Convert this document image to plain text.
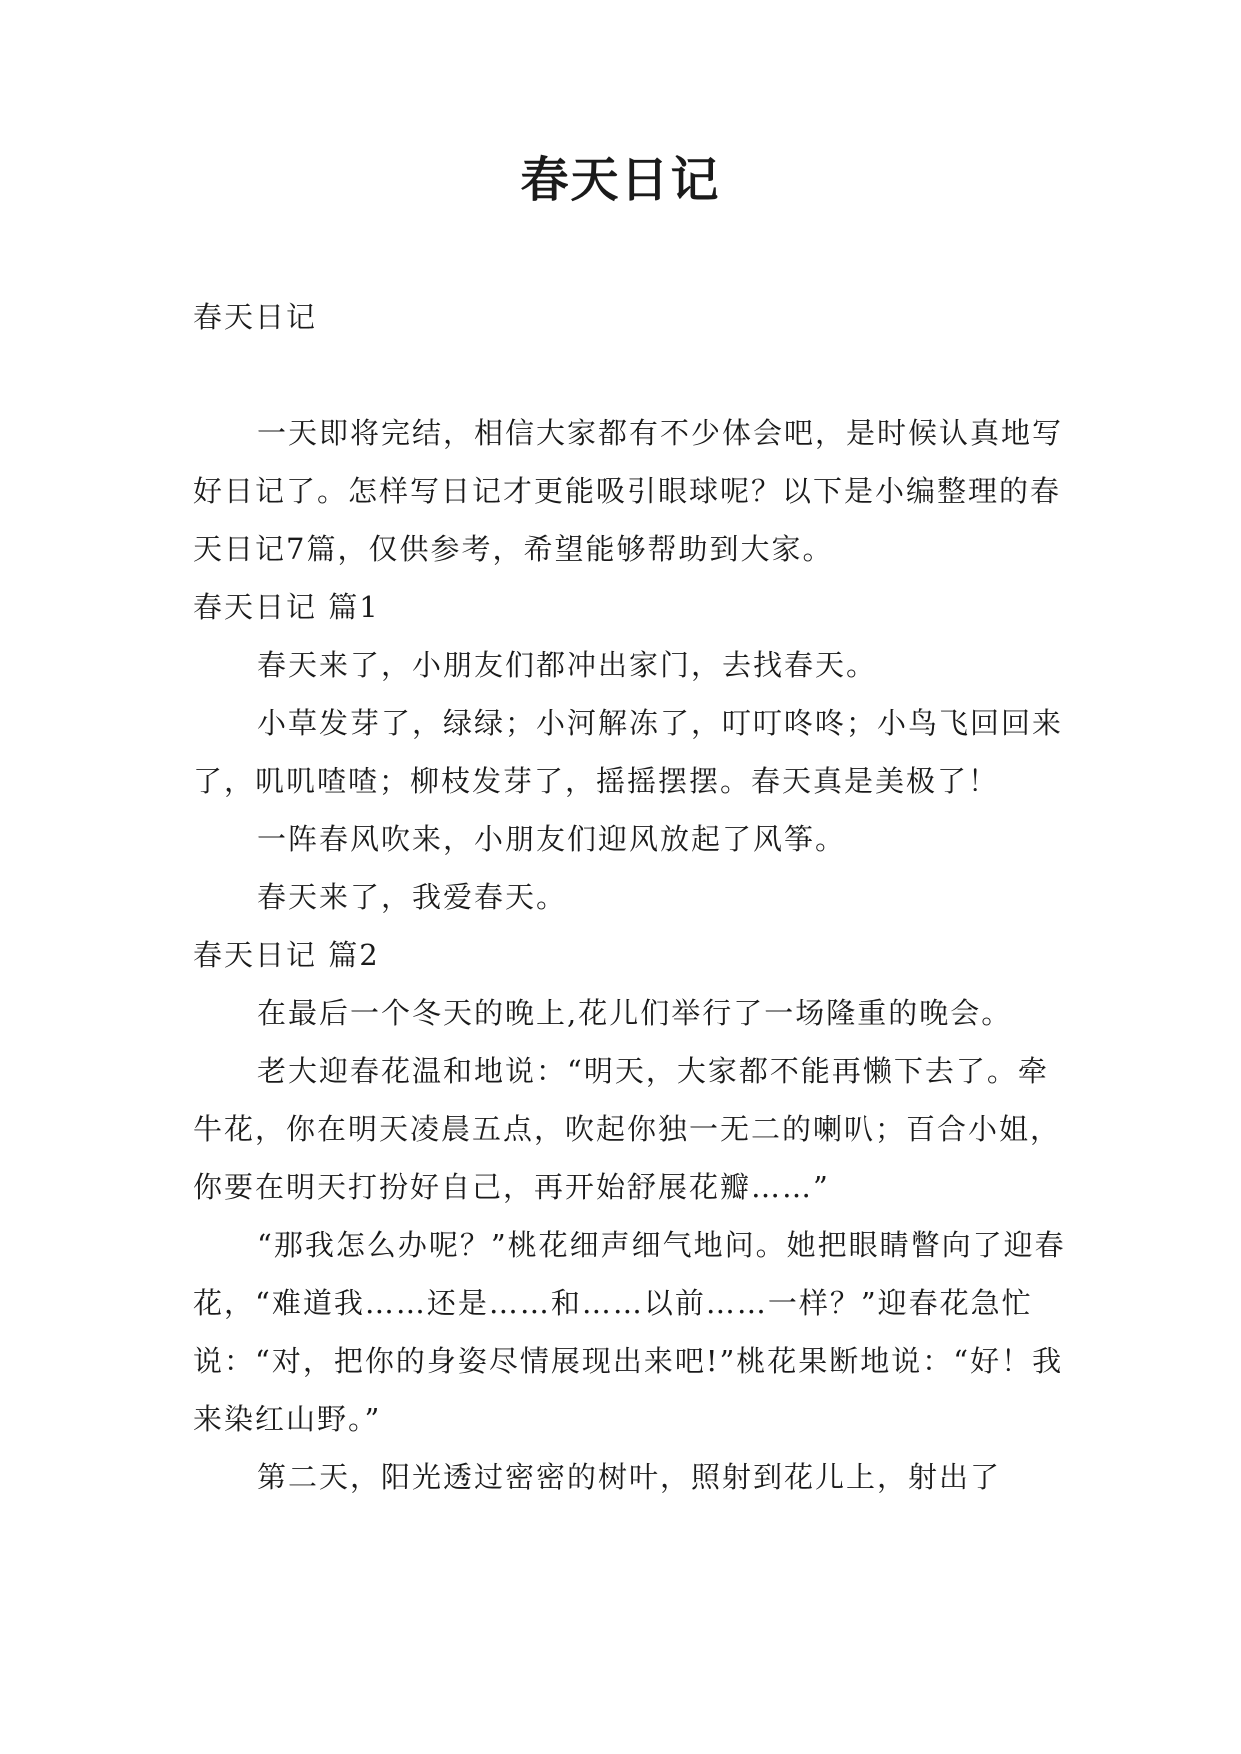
春天日记

春天日记

一天即将完结，相信大家都有不少体会吧，是时候认真地写好日记了。怎样写日记才更能吸引眼球呢？以下是小编整理的春天日记7篇，仅供参考，希望能够帮助到大家。

春天日记 篇1

春天来了，小朋友们都冲出家门，去找春天。

小草发芽了，绿绿；小河解冻了，叮叮咚咚；小鸟飞回回来了，叽叽喳喳；柳枝发芽了，摇摇摆摆。春天真是美极了！

一阵春风吹来，小朋友们迎风放起了风筝。

春天来了，我爱春天。

春天日记 篇2

在最后一个冬天的晚上,花儿们举行了一场隆重的晚会。

老大迎春花温和地说：“明天，大家都不能再懒下去了。牵牛花，你在明天凌晨五点，吹起你独一无二的喇叭；百合小姐，你要在明天打扮好自己，再开始舒展花瓣……”

“那我怎么办呢？”桃花细声细气地问。她把眼睛瞥向了迎春花，“难道我……还是……和……以前……一样？”迎春花急忙说：“对，把你的身姿尽情展现出来吧!”桃花果断地说：“好！我来染红山野。”

第二天，阳光透过密密的树叶，照射到花儿上，射出了
